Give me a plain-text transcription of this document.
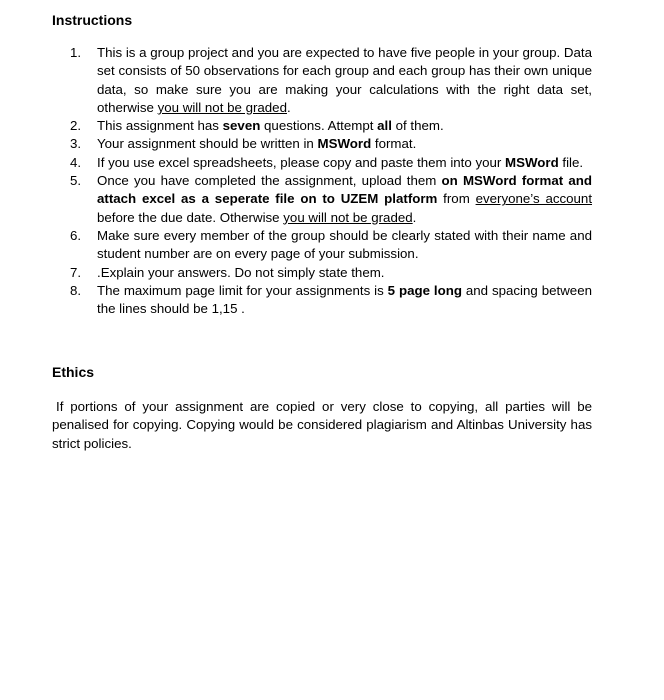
Instructions
1.	This is a group project and you are expected to have five people in your group. Data set consists of 50 observations for each group and each group has their own unique data, so make sure you are making your calculations with the right data set, otherwise you will not be graded.
2.	This assignment has seven questions. Attempt all of them.
3.	Your assignment should be written in MSWord format.
4.	If you use excel spreadsheets, please copy and paste them into your MSWord file.
5.	Once you have completed the assignment, upload them on MSWord format and attach excel as a seperate file on to UZEM platform from everyone’s account before the due date. Otherwise you will not be graded.
6.	Make sure every member of the group should be clearly stated with their name and student number are on every page of your submission.
7.	.Explain your answers. Do not simply state them.
8.	The maximum page limit for your assignments is 5 page long and spacing between the lines should be 1,15 .
Ethics

If portions of your assignment are copied or very close to copying, all parties will be penalised for copying. Copying would be considered plagiarism and Altinbas University has strict policies.
